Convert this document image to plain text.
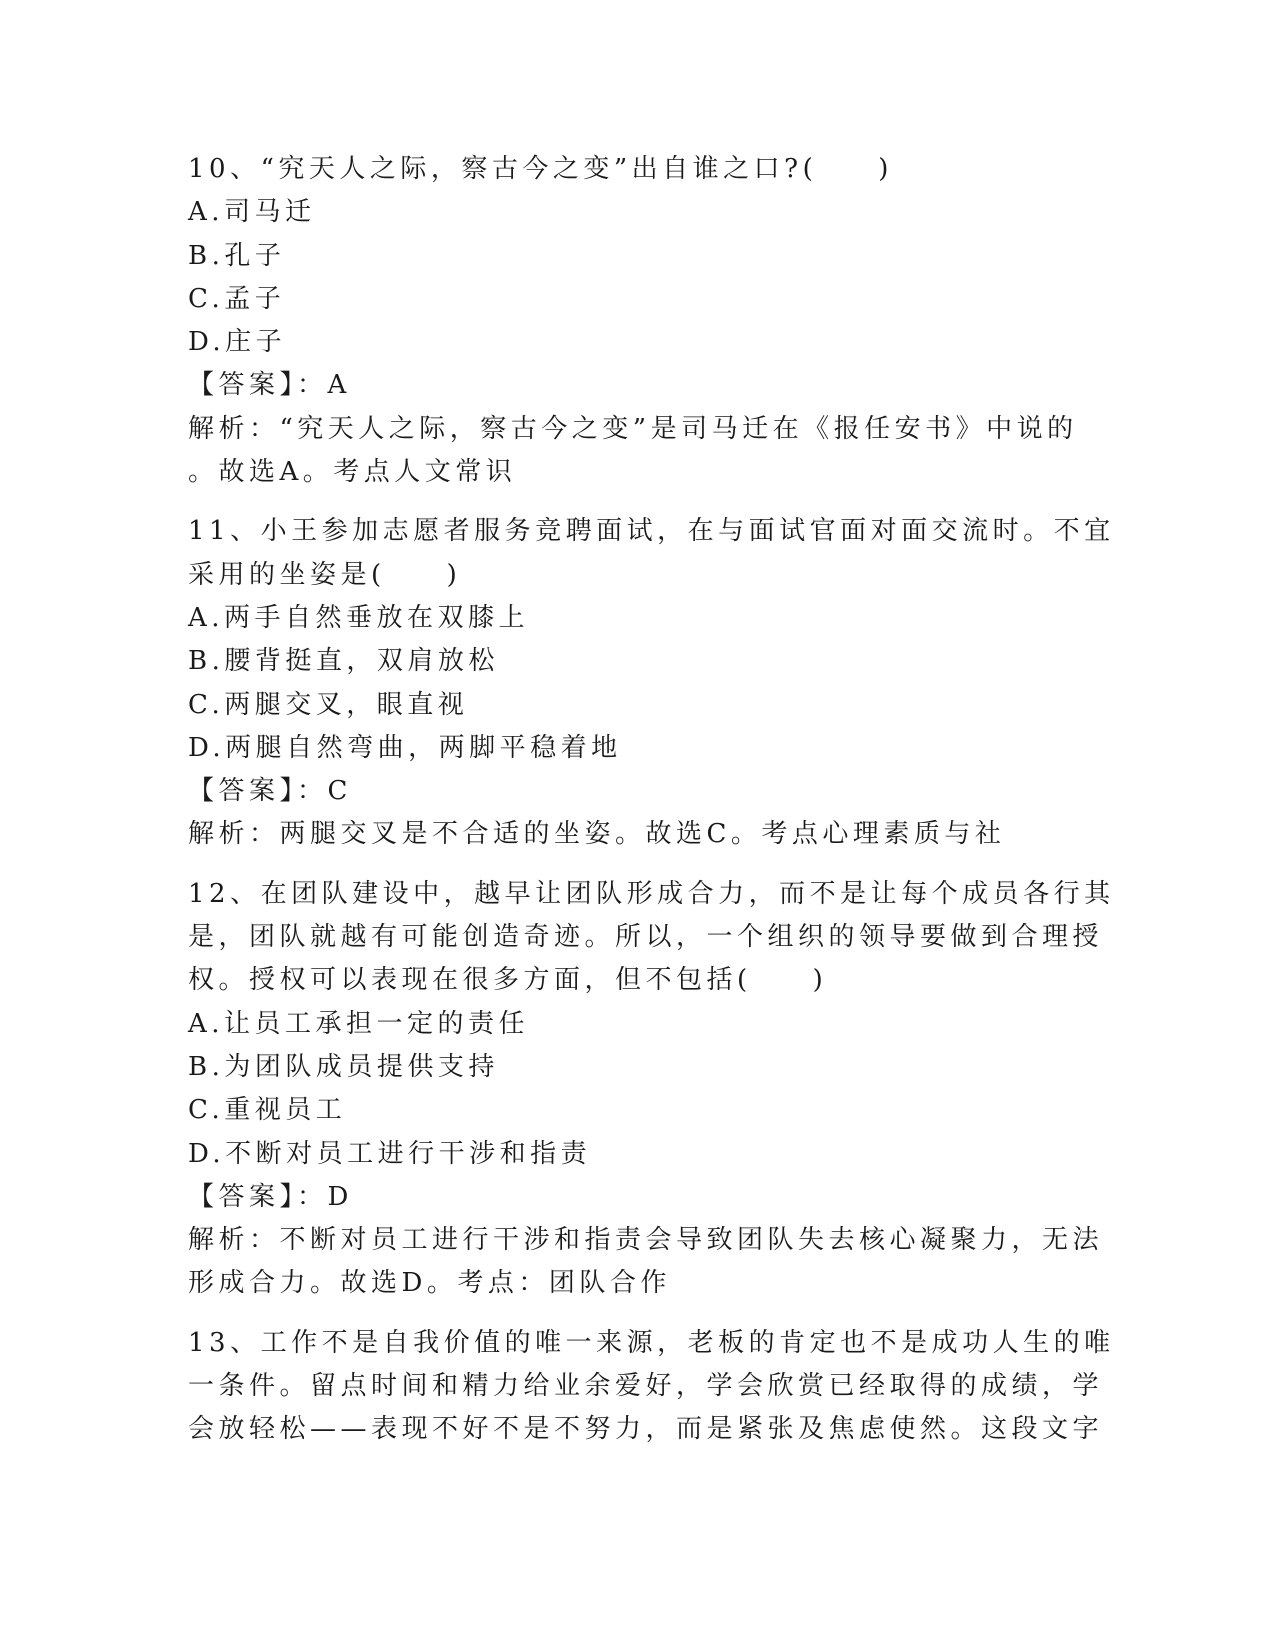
10、“究天人之际，察古今之变”出自谁之口?(　　)
A.司马迁
B.孔子
C.孟子
D.庄子
【答案】：A
解析：“究天人之际，察古今之变”是司马迁在《报任安书》中说的
。故选A。考点人文常识
11、小王参加志愿者服务竞聘面试，在与面试官面对面交流时。不宜
采用的坐姿是(　　)
A.两手自然垂放在双膝上
B.腰背挺直，双肩放松
C.两腿交叉，眼直视
D.两腿自然弯曲，两脚平稳着地
【答案】：C
解析：两腿交叉是不合适的坐姿。故选C。考点心理素质与社
12、在团队建设中，越早让团队形成合力，而不是让每个成员各行其
是，团队就越有可能创造奇迹。所以，一个组织的领导要做到合理授
权。授权可以表现在很多方面，但不包括(　　)
A.让员工承担一定的责任
B.为团队成员提供支持
C.重视员工
D.不断对员工进行干涉和指责
【答案】：D
解析：不断对员工进行干涉和指责会导致团队失去核心凝聚力，无法
形成合力。故选D。考点：团队合作
13、工作不是自我价值的唯一来源，老板的肯定也不是成功人生的唯
一条件。留点时间和精力给业余爱好，学会欣赏已经取得的成绩，学
会放轻松——表现不好不是不努力，而是紧张及焦虑使然。这段文字
